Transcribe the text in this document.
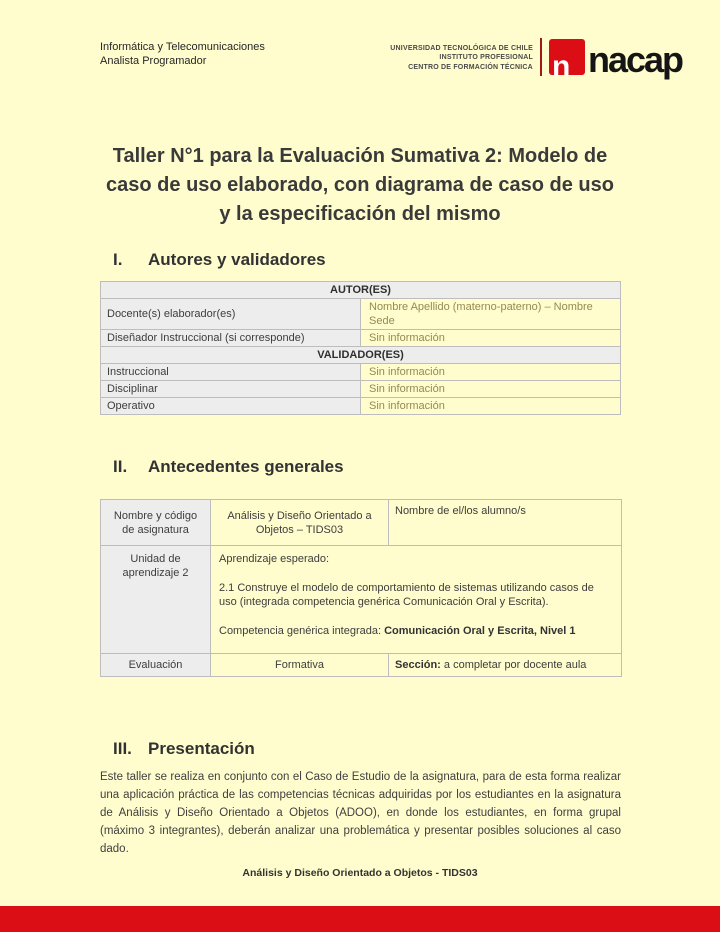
Informática y Telecomunicaciones
Analista Programador
UNIVERSIDAD TECNOLÓGICA DE CHILE
INSTITUTO PROFESIONAL
CENTRO DE FORMACIÓN TÉCNICA n nacap
Taller N°1 para la Evaluación Sumativa 2: Modelo de
caso de uso elaborado, con diagrama de caso de uso
y la especificación del mismo
I.	Autores y validadores
AUTOR(ES)	
Docente(s) elaborador(es)	Nombre Apellido (materno-paterno) – Nombre Sede
Diseñador Instruccional (si corresponde)	Sin información
VALIDADOR(ES)	
Instruccional	Sin información
Disciplinar	Sin información
Operativo	Sin información
II.	Antecedentes generales
Nombre y código de asignatura	Análisis y Diseño Orientado a Objetos – TIDS03	Nombre de el/los alumno/s
Unidad de aprendizaje 2	Aprendizaje esperado:
2.1 Construye el modelo de comportamiento de sistemas utilizando casos de uso (integrada competencia genérica Comunicación Oral y Escrita).
Competencia genérica integrada: Comunicación Oral y Escrita, Nivel 1	

Evaluación	Formativa	Sección: a completar por docente aula
III. Presentación

Este taller se realiza en conjunto con el Caso de Estudio de la asignatura, para de esta forma realizar una aplicación práctica de las competencias técnicas adquiridas por los estudiantes en la asignatura de Análisis y Diseño Orientado a Objetos (ADOO), en donde los estudiantes, en forma grupal (máximo 3 integrantes), deberán analizar una problemática y presentar posibles soluciones al caso dado.

Análisis y Diseño Orientado a Objetos - TIDS03
